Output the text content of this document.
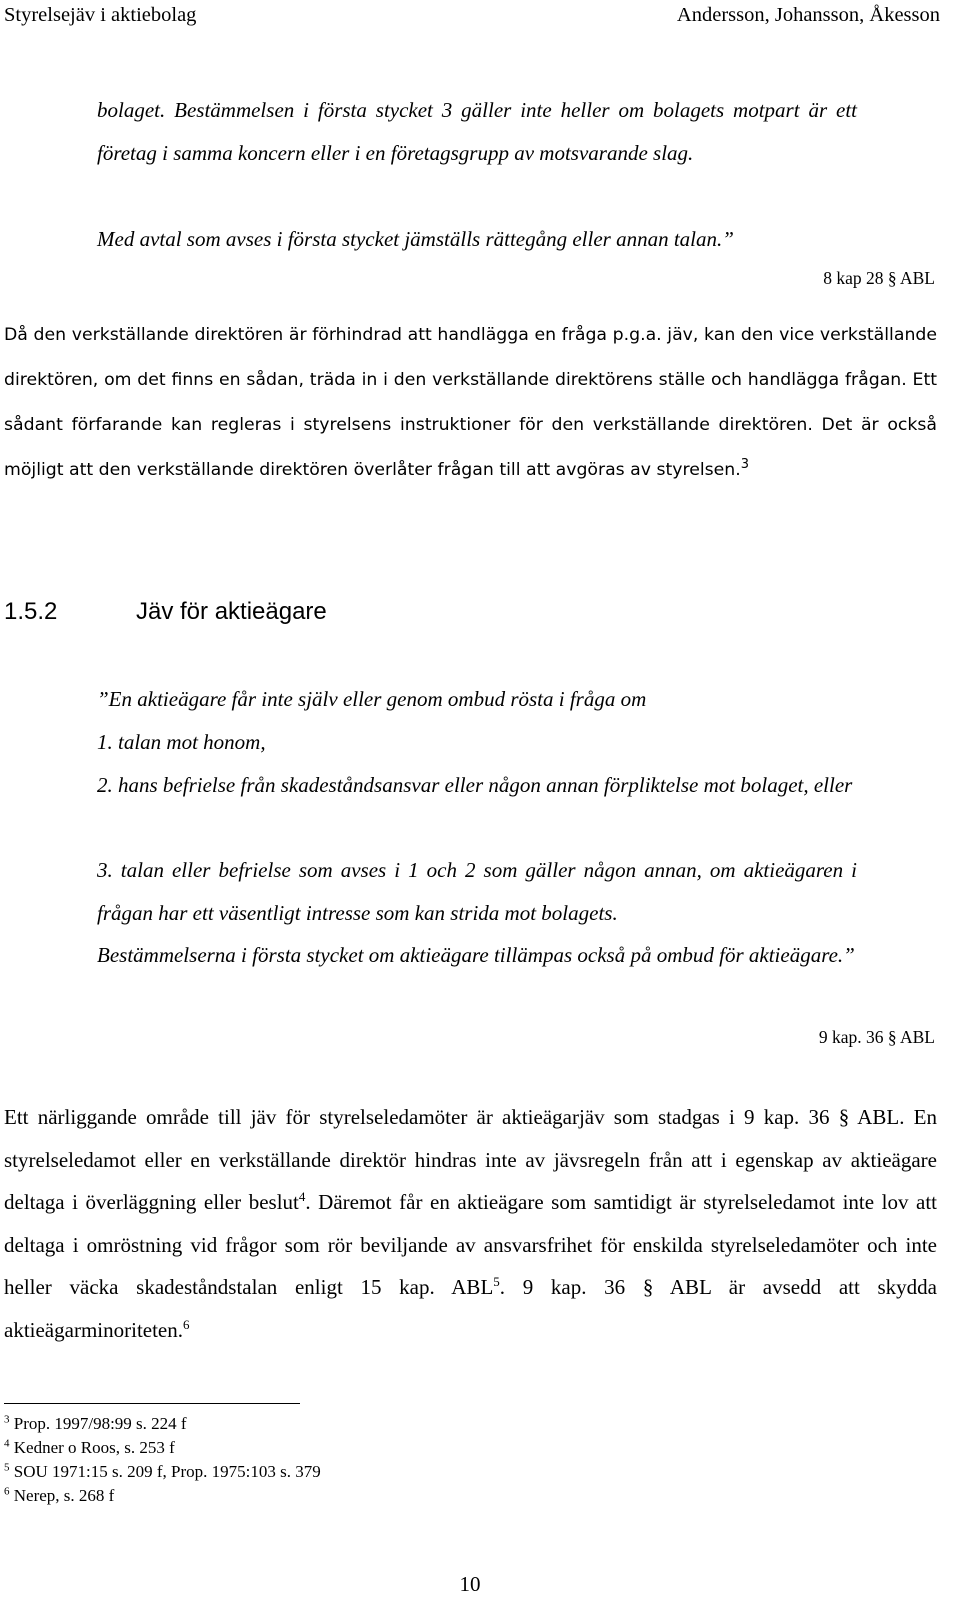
Styrelsejäv i aktiebolag	Andersson, Johansson, Åkesson
bolaget. Bestämmelsen i första stycket 3 gäller inte heller om bolagets motpart är ett företag i samma koncern eller i en företagsgrupp av motsvarande slag.
Med avtal som avses i första stycket jämställs rättegång eller annan talan.”
8 kap 28 § ABL
Då den verkställande direktören är förhindrad att handlägga en fråga p.g.a. jäv, kan den vice verkställande direktören, om det finns en sådan, träda in i den verkställande direktörens ställe och handlägga frågan. Ett sådant förfarande kan regleras i styrelsens instruktioner för den verkställande direktören. Det är också möjligt att den verkställande direktören överlåter frågan till att avgöras av styrelsen.$^3$
1.5.2	Jäv för aktieägare
”En aktieägare får inte själv eller genom ombud rösta i fråga om
1. talan mot honom,
2. hans befrielse från skadeståndsansvar eller någon annan förpliktelse mot bolaget, eller
3. talan eller befrielse som avses i 1 och 2 som gäller någon annan, om aktieägaren i frågan har ett väsentligt intresse som kan strida mot bolagets.
Bestämmelserna i första stycket om aktieägare tillämpas också på ombud för aktieägare.”
9 kap. 36 § ABL
Ett närliggande område till jäv för styrelseledamöter är aktieägarjäv som stadgas i 9 kap. 36 § ABL. En styrelseledamot eller en verkställande direktör hindras inte av jävsregeln från att i egenskap av aktieägare deltaga i överläggning eller beslut$^4$. Däremot får en aktieägare som samtidigt är styrelseledamot inte lov att deltaga i omröstning vid frågor som rör beviljande av ansvarsfrihet för enskilda styrelseledamöter och inte heller väcka skadeståndstalan enligt 15 kap. ABL$^5$. 9 kap. 36 § ABL är avsedd att skydda aktieägarminoriteten.$^6$
$^3$ Prop. 1997/98:99 s. 224 f
$^4$ Kedner o Roos, s. 253 f
$^5$ SOU 1971:15 s. 209 f, Prop. 1975:103 s. 379
$^6$ Nerep, s. 268 f
10
